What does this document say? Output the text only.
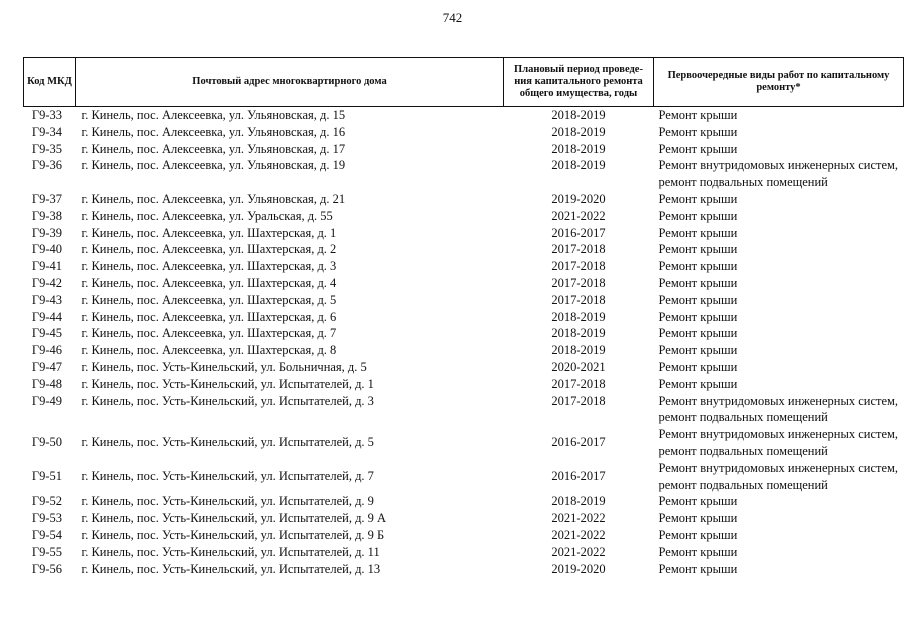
742
Код МКД	Почтовый адрес многоквартирного дома	Плановый период проведе-ния капитального ремонта общего имущества, годы	Первоочередные виды работ по капитальному ремонту*
Г9-33	г. Кинель, пос. Алексеевка, ул. Ульяновская, д. 15	2018-2019	Ремонт крыши
Г9-34	г. Кинель, пос. Алексеевка, ул. Ульяновская, д. 16	2018-2019	Ремонт крыши
Г9-35	г. Кинель, пос. Алексеевка, ул. Ульяновская, д. 17	2018-2019	Ремонт крыши
Г9-36	г. Кинель, пос. Алексеевка, ул. Ульяновская, д. 19	2018-2019	Ремонт внутридомовых инженерных систем, ремонт подвальных помещений
Г9-37	г. Кинель, пос. Алексеевка, ул. Ульяновская, д. 21	2019-2020	Ремонт крыши
Г9-38	г. Кинель, пос. Алексеевка, ул. Уральская, д. 55	2021-2022	Ремонт крыши
Г9-39	г. Кинель, пос. Алексеевка, ул. Шахтерская, д. 1	2016-2017	Ремонт крыши
Г9-40	г. Кинель, пос. Алексеевка, ул. Шахтерская, д. 2	2017-2018	Ремонт крыши
Г9-41	г. Кинель, пос. Алексеевка, ул. Шахтерская, д. 3	2017-2018	Ремонт крыши
Г9-42	г. Кинель, пос. Алексеевка, ул. Шахтерская, д. 4	2017-2018	Ремонт крыши
Г9-43	г. Кинель, пос. Алексеевка, ул. Шахтерская, д. 5	2017-2018	Ремонт крыши
Г9-44	г. Кинель, пос. Алексеевка, ул. Шахтерская, д. 6	2018-2019	Ремонт крыши
Г9-45	г. Кинель, пос. Алексеевка, ул. Шахтерская, д. 7	2018-2019	Ремонт крыши
Г9-46	г. Кинель, пос. Алексеевка, ул. Шахтерская, д. 8	2018-2019	Ремонт крыши
Г9-47	г. Кинель, пос. Усть-Кинельский, ул. Больничная, д. 5	2020-2021	Ремонт крыши
Г9-48	г. Кинель, пос. Усть-Кинельский, ул. Испытателей, д. 1	2017-2018	Ремонт крыши
Г9-49	г. Кинель, пос. Усть-Кинельский, ул. Испытателей, д. 3	2017-2018	Ремонт внутридомовых инженерных систем, ремонт подвальных помещений
Г9-50	г. Кинель, пос. Усть-Кинельский, ул. Испытателей, д. 5	2016-2017	Ремонт внутридомовых инженерных систем, ремонт подвальных помещений
Г9-51	г. Кинель, пос. Усть-Кинельский, ул. Испытателей, д. 7	2016-2017	Ремонт внутридомовых инженерных систем, ремонт подвальных помещений
Г9-52	г. Кинель, пос. Усть-Кинельский, ул. Испытателей, д. 9	2018-2019	Ремонт крыши
Г9-53	г. Кинель, пос. Усть-Кинельский, ул. Испытателей, д. 9 А	2021-2022	Ремонт крыши
Г9-54	г. Кинель, пос. Усть-Кинельский, ул. Испытателей, д. 9 Б	2021-2022	Ремонт крыши
Г9-55	г. Кинель, пос. Усть-Кинельский, ул. Испытателей, д. 11	2021-2022	Ремонт крыши
Г9-56	г. Кинель, пос. Усть-Кинельский, ул. Испытателей, д. 13	2019-2020	Ремонт крыши
